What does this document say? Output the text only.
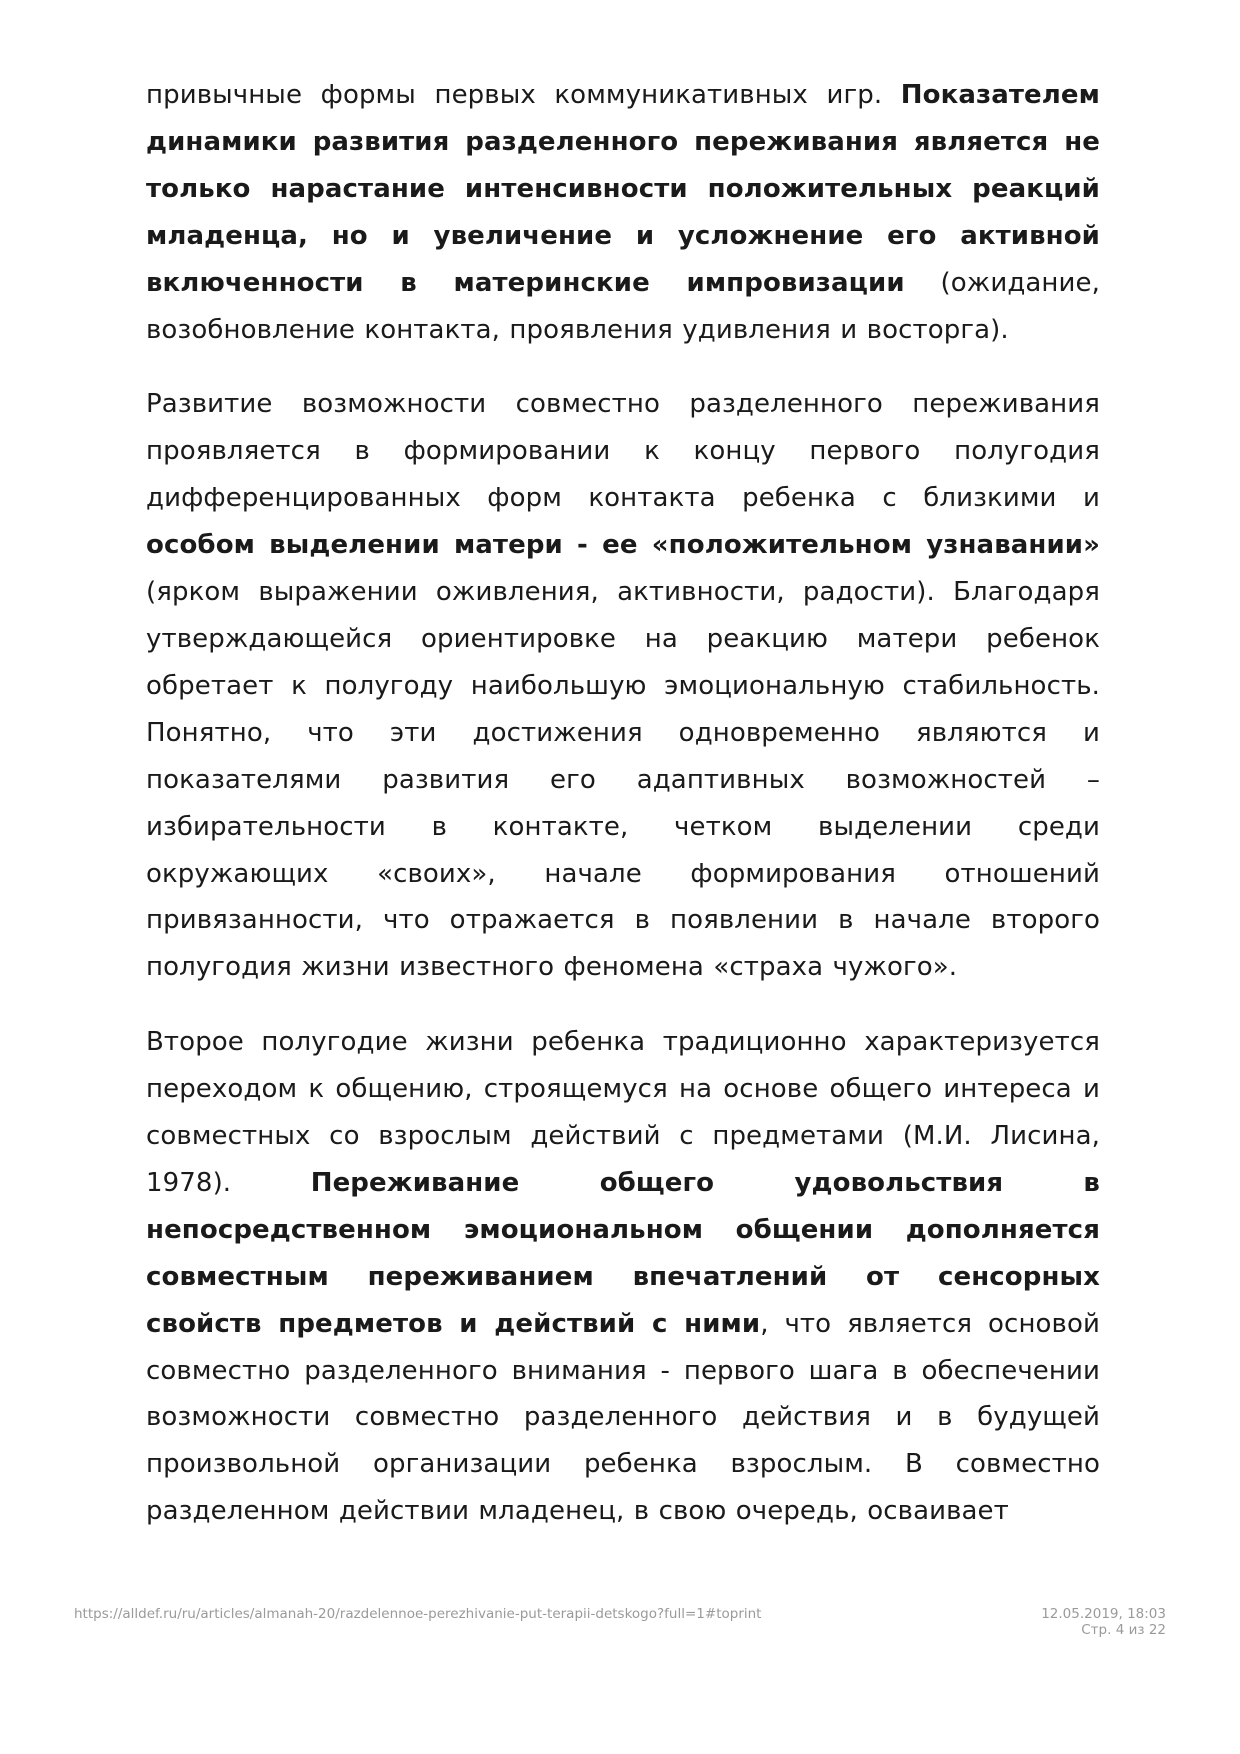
привычные формы первых коммуникативных игр. Показателем динамики развития разделенного переживания является не только нарастание интенсивности положительных реакций младенца, но и увеличение и усложнение его активной включенности в материнские импровизации (ожидание, возобновление контакта, проявления удивления и восторга).

Развитие возможности совместно разделенного переживания проявляется в формировании к концу первого полугодия дифференцированных форм контакта ребенка с близкими и особом выделении матери - ее «положительном узнавании» (ярком выражении оживления, активности, радости). Благодаря утверждающейся ориентировке на реакцию матери ребенок обретает к полугоду наибольшую эмоциональную стабильность. Понятно, что эти достижения одновременно являются и показателями развития его адаптивных возможностей – избирательности в контакте, четком выделении среди окружающих «своих», начале формирования отношений привязанности, что отражается в появлении в начале второго полугодия жизни известного феномена «страха чужого».

Второе полугодие жизни ребенка традиционно характеризуется переходом к общению, строящемуся на основе общего интереса и совместных со взрослым действий с предметами (М.И. Лисина, 1978). Переживание общего удовольствия в непосредственном эмоциональном общении дополняется совместным переживанием впечатлений от сенсорных свойств предметов и действий с ними, что является основой совместно разделенного внимания - первого шага в обеспечении возможности совместно разделенного действия и в будущей произвольной организации ребенка взрослым. В совместно разделенном действии младенец, в свою очередь, осваивает

https://alldef.ru/ru/articles/almanah-20/razdelennoe-perezhivanie-put-terapii-detskogo?full=1#toprint	12.05.2019, 18:03
Стр. 4 из 22
